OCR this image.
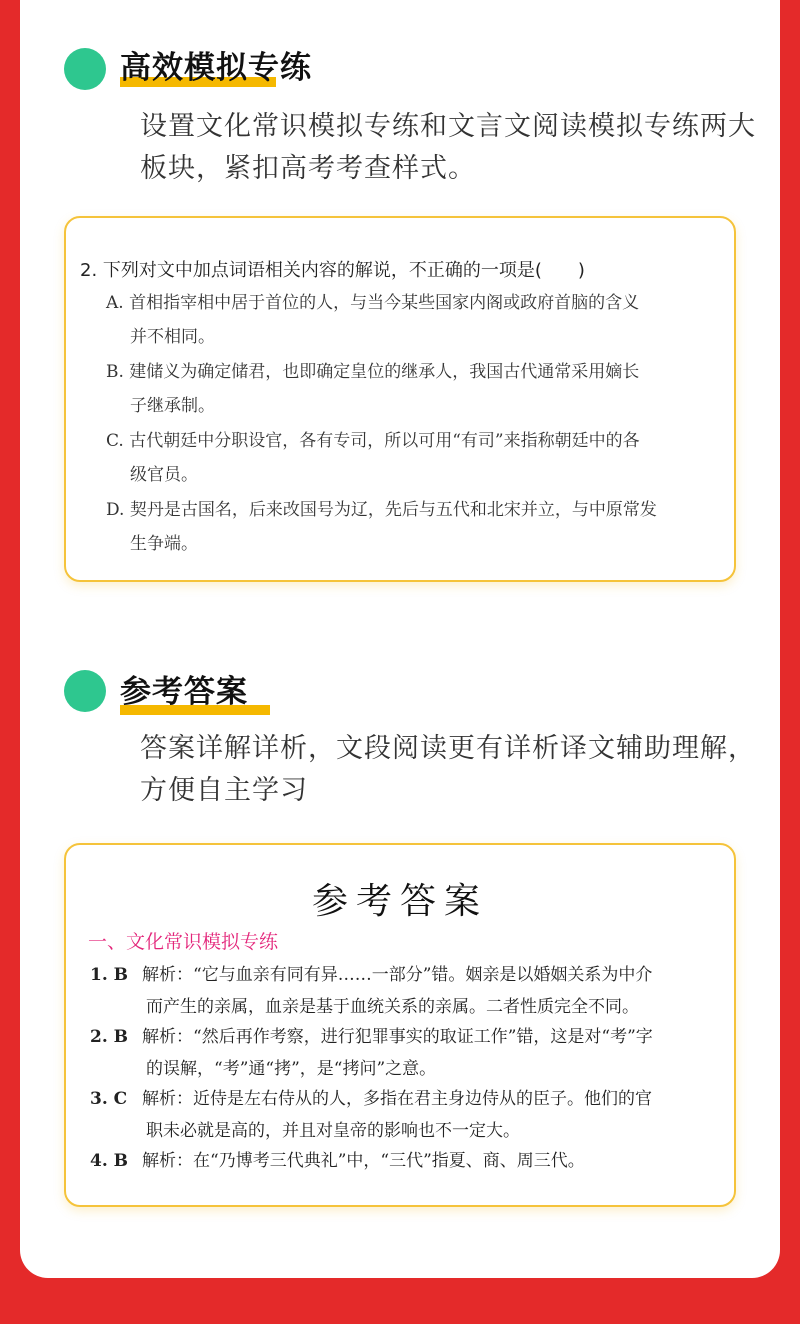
高效模拟专练
设置文化常识模拟专练和文言文阅读模拟专练两大板块，紧扣高考考查样式。
2. 下列对文中加点词语相关内容的解说，不正确的一项是(　　)
A. 首相指宰相中居于首位的人，与当今某些国家内阁或政府首脑的含义
并不相同。
B. 建储义为确定储君，也即确定皇位的继承人，我国古代通常采用嫡长
子继承制。
C. 古代朝廷中分职设官，各有专司，所以可用“有司”来指称朝廷中的各
级官员。
D. 契丹是古国名，后来改国号为辽，先后与五代和北宋并立，与中原常发
生争端。
参考答案
答案详解详析，文段阅读更有详析译文辅助理解，方便自主学习
参考答案
一、文化常识模拟专练
1. B 解析：“它与血亲有同有异……一部分”错。姻亲是以婚姻关系为中介
而产生的亲属，血亲是基于血统关系的亲属。二者性质完全不同。
2. B 解析：“然后再作考察，进行犯罪事实的取证工作”错，这是对“考”字
的误解，“考”通“拷”，是“拷问”之意。
3. C 解析：近侍是左右侍从的人，多指在君主身边侍从的臣子。他们的官
职未必就是高的，并且对皇帝的影响也不一定大。
4. B 解析：在“乃博考三代典礼”中，“三代”指夏、商、周三代。
